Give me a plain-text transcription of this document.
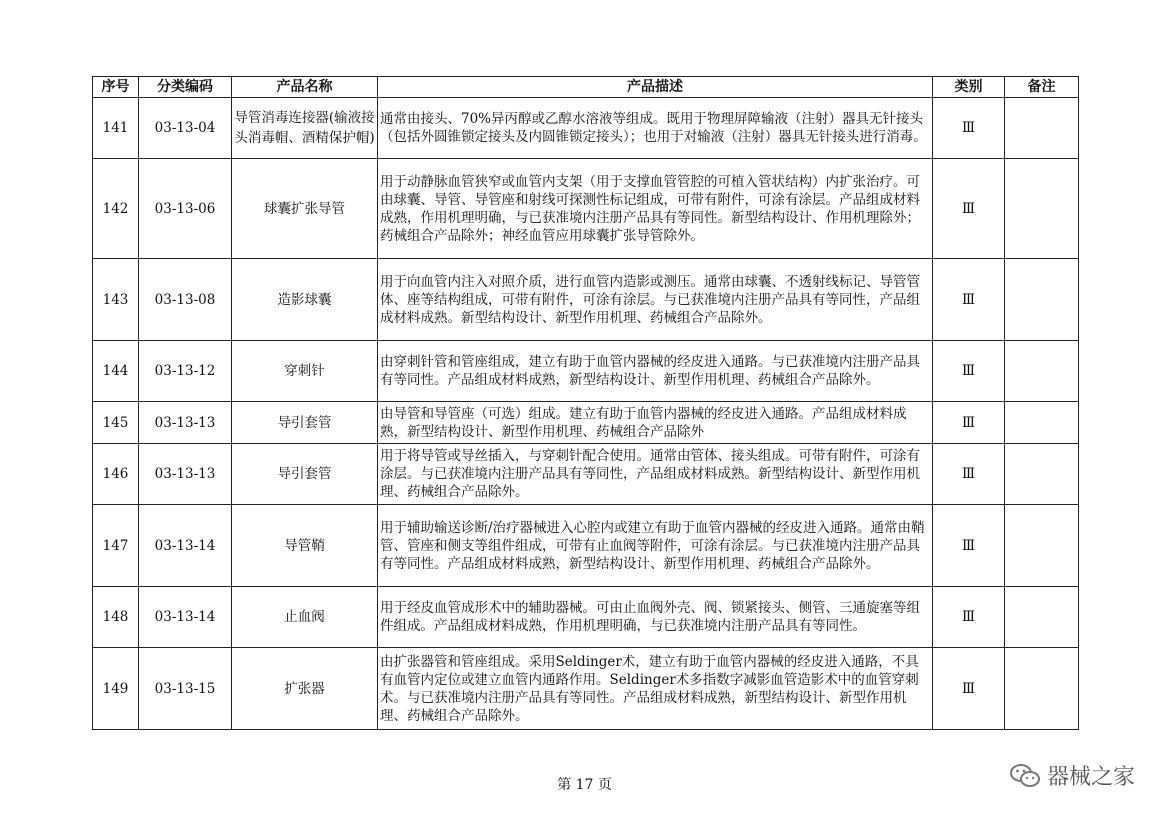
序号	分类编码	产品名称	产品描述	类别	备注
141	03-13-04	导管消毒连接器(输液接头消毒帽、酒精保护帽)	通常由接头、70%异丙醇或乙醇水溶液等组成。既用于物理屏障输液（注射）器具无针接头（包括外圆锥锁定接头及内圆锥锁定接头）；也用于对输液（注射）器具无针接头进行消毒。	Ⅲ	
142	03-13-06	球囊扩张导管	用于动静脉血管狭窄或血管内支架（用于支撑血管管腔的可植入管状结构）内扩张治疗。可由球囊、导管、导管座和射线可探测性标记组成，可带有附件，可涂有涂层。产品组成材料成熟，作用机理明确，与已获准境内注册产品具有等同性。新型结构设计、作用机理除外；药械组合产品除外；神经血管应用球囊扩张导管除外。	Ⅲ	
143	03-13-08	造影球囊	用于向血管内注入对照介质，进行血管内造影或测压。通常由球囊、不透射线标记、导管管体、座等结构组成，可带有附件，可涂有涂层。与已获准境内注册产品具有等同性，产品组成材料成熟。新型结构设计、新型作用机理、药械组合产品除外。	Ⅲ	
144	03-13-12	穿刺针	由穿刺针管和管座组成，建立有助于血管内器械的经皮进入通路。与已获准境内注册产品具有等同性。产品组成材料成熟，新型结构设计、新型作用机理、药械组合产品除外。	Ⅲ	
145	03-13-13	导引套管	由导管和导管座（可选）组成。建立有助于血管内器械的经皮进入通路。产品组成材料成熟，新型结构设计、新型作用机理、药械组合产品除外	Ⅲ	
146	03-13-13	导引套管	用于将导管或导丝插入，与穿刺针配合使用。通常由管体、接头组成。可带有附件，可涂有涂层。与已获准境内注册产品具有等同性，产品组成材料成熟。新型结构设计、新型作用机理、药械组合产品除外。	Ⅲ	
147	03-13-14	导管鞘	用于辅助输送诊断/治疗器械进入心腔内或建立有助于血管内器械的经皮进入通路。通常由鞘管、管座和侧支等组件组成，可带有止血阀等附件，可涂有涂层。与已获准境内注册产品具有等同性。产品组成材料成熟，新型结构设计、新型作用机理、药械组合产品除外。	Ⅲ	
148	03-13-14	止血阀	用于经皮血管成形术中的辅助器械。可由止血阀外壳、阀、锁紧接头、侧管、三通旋塞等组件组成。产品组成材料成熟，作用机理明确，与已获准境内注册产品具有等同性。	Ⅲ	
149	03-13-15	扩张器	由扩张器管和管座组成。采用Seldinger术，建立有助于血管内器械的经皮进入通路，不具有血管内定位或建立血管内通路作用。Seldinger术多指数字减影血管造影术中的血管穿刺术。与已获准境内注册产品具有等同性。产品组成材料成熟，新型结构设计、新型作用机理、药械组合产品除外。	Ⅲ	
第 17 页	器械之家
